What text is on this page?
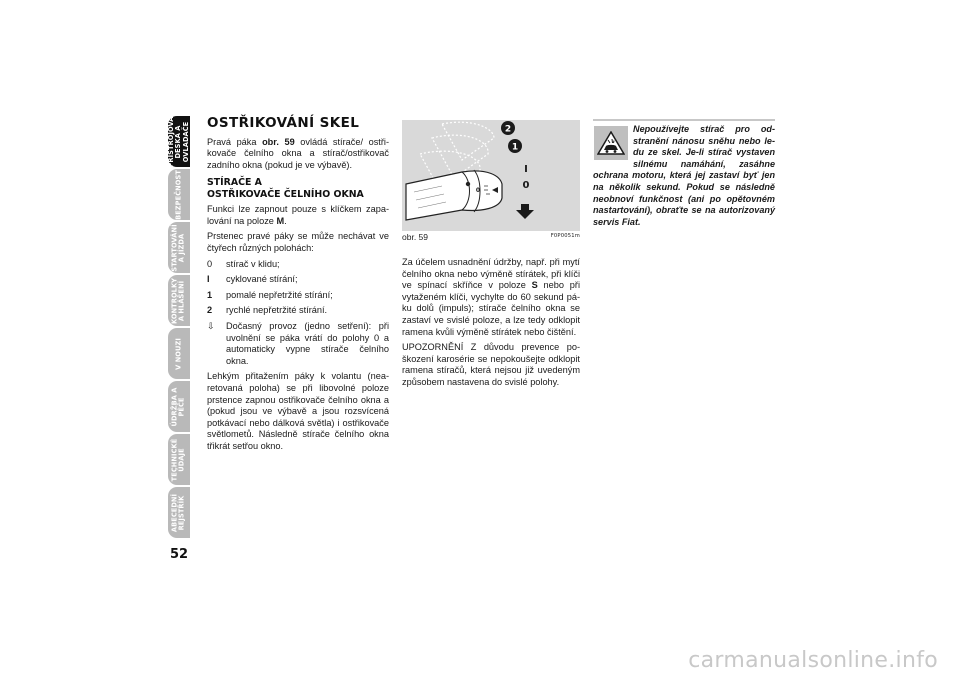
PŘÍSTROJOVÁ
DESKA A
OVLADAČE
BEZPEČNOST
STARTOVÁNÍ
A JÍZDA
KONTROLKY
A HLÁŠENÍ
V NOUZI
ÚDRŽBA A
PÉČE
TECHNICKÉ
ÚDAJE
ABECEDNÍ
REJSTŘÍK
52
OSTŘIKOVÁNÍ SKEL

Pravá páka obr. 59 ovládá stírače/ ostřikovače čelního okna a stírač/ostřikovač zadního okna (pokud je ve výbavě).

STÍRAČE A
OSTŘIKOVAČE ČELNÍHO OKNA

Funkci lze zapnout pouze s klíčkem zapalování na poloze M.

Prstenec pravé páky se může nechávat ve čtyřech různých polohách:

0	stírač v klidu;
I	cyklované stírání;
1	pomalé nepřetržité stírání;
2	rychlé nepřetržité stírání.
⇩	Dočasný provoz (jedno setření): při uvolnění se páka vrátí do polohy 0 a automaticky vypne stírače čelního okna.

Lehkým přitažením páky k volantu (nearetovaná poloha) se při libovolné poloze prstence zapnou ostřikovače čelního okna a (pokud jsou ve výbavě a jsou rozsvícená potkávací nebo dálková světla) i ostřikovače světlometů. Následně stírače čelního okna třikrát setřou okno.

2
1
I
0
0
obr. 59	F0P0051m

Za účelem usnadnění údržby, např. při mytí čelního okna nebo výměně stírátek, při klíči ve spínací skříňce v poloze S nebo při vytaženém klíči, vychylte do 60 sekund páku dolů (impuls); stírače čelního okna se zastaví ve svislé poloze, a lze tedy odklopit ramena kvůli výměně stírátek nebo čištění.

UPOZORNĚNÍ Z důvodu prevence poškození karosérie se nepokoušejte odklopit ramena stíračů, která nejsou již uvedeným způsobem nastavena do svislé polohy.

Nepoužívejte stírač pro odstranění nánosu sněhu nebo ledu ze skel. Je-li stírač vystaven silnému namáhání, zasáhne ochrana motoru, která jej zastaví byť jen na několik sekund. Pokud se následně neobnoví funkčnost (ani po opětovném nastartování), obraťte se na autorizovaný servis Fiat.
carmanualsonline.info
